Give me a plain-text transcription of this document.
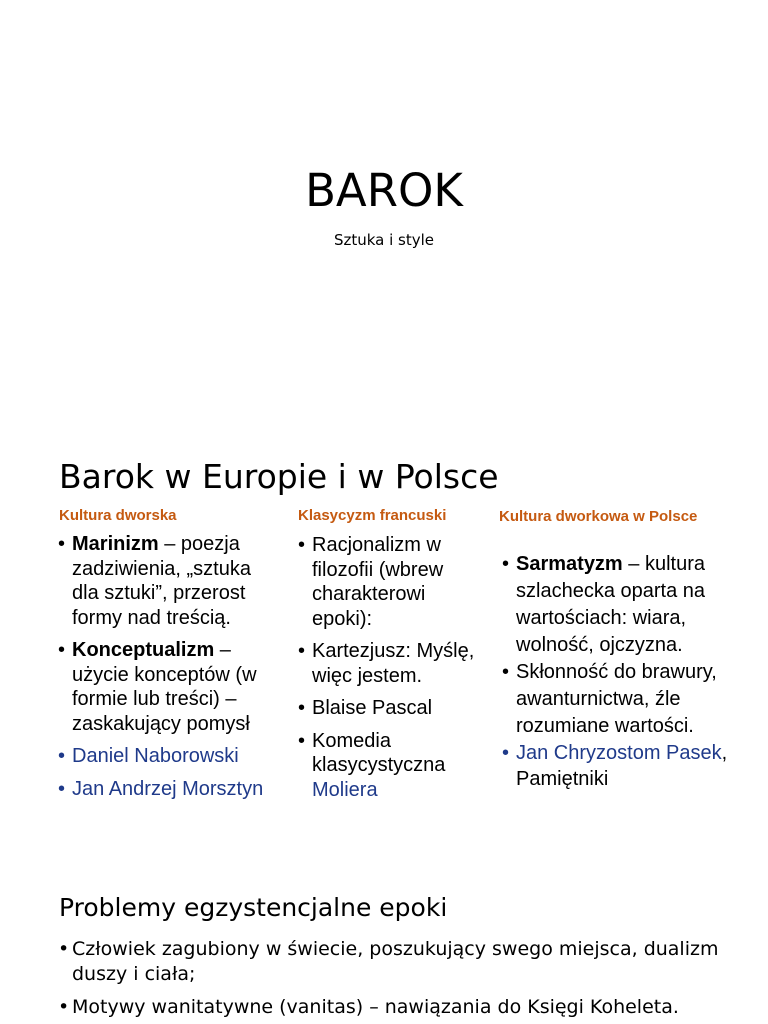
BAROK
Sztuka i style
Barok w Europie i w Polsce
Kultura dworska
• Marinizm – poezja zadziwienia, „sztuka dla sztuki”, przerost formy nad treścią.
• Konceptualizm – użycie konceptów (w formie lub treści) – zaskakujący pomysł
• Daniel Naborowski
• Jan Andrzej Morsztyn
Klasycyzm francuski
• Racjonalizm w filozofii (wbrew charakterowi epoki):
• Kartezjusz: Myślę, więc jestem.
• Blaise Pascal
• Komedia klasycystyczna Moliera
Kultura dworkowa w Polsce
• Sarmatyzm – kultura szlachecka oparta na wartościach: wiara, wolność, ojczyzna.
• Skłonność do brawury, awanturnictwa, źle rozumiane wartości.
• Jan Chryzostom Pasek, Pamiętniki
Problemy egzystencjalne epoki
• Człowiek zagubiony w świecie, poszukujący swego miejsca, dualizm duszy i ciała;
• Motywy wanitatywne (vanitas) – nawiązania do Księgi Koheleta.
